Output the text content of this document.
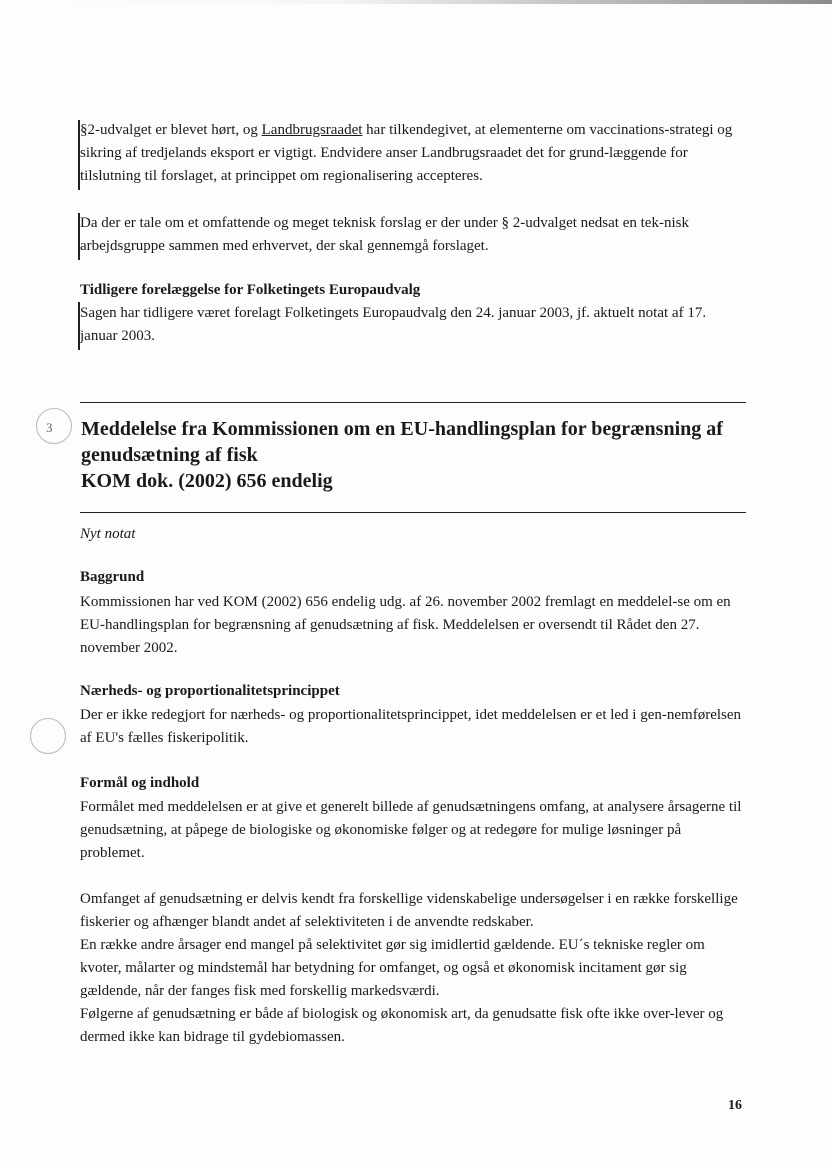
§2-udvalget er blevet hørt, og Landbrugsraadet har tilkendegivet, at elementerne om vaccinations-strategi og sikring af tredjelands eksport er vigtigt. Endvidere anser Landbrugsraadet det for grund-læggende for tilslutning til forslaget, at princippet om regionalisering accepteres.

Da der er tale om et omfattende og meget teknisk forslag er der under § 2-udvalget nedsat en tek-nisk arbejdsgruppe sammen med erhvervet, der skal gennemgå forslaget.

Tidligere forelæggelse for Folketingets Europaudvalg

Sagen har tidligere været forelagt Folketingets Europaudvalg den 24. januar 2003, jf. aktuelt notat af 17. januar 2003.

3 Meddelelse fra Kommissionen om en EU-handlingsplan for begrænsning af
genudsætning af fisk
KOM dok. (2002) 656 endelig

Nyt notat

Baggrund

Kommissionen har ved KOM (2002) 656 endelig udg. af 26. november 2002 fremlagt en meddelel-se om en EU-handlingsplan for begrænsning af genudsætning af fisk. Meddelelsen er oversendt til Rådet den 27. november 2002.

Nærheds- og proportionalitetsprincippet

Der er ikke redegjort for nærheds- og proportionalitetsprincippet, idet meddelelsen er et led i gen-nemførelsen af EU's fælles fiskeripolitik.

Formål og indhold

Formålet med meddelelsen er at give et generelt billede af genudsætningens omfang, at analysere årsagerne til genudsætning, at påpege de biologiske og økonomiske følger og at redegøre for mulige løsninger på problemet.

Omfanget af genudsætning er delvis kendt fra forskellige videnskabelige undersøgelser i en række forskellige fiskerier og afhænger blandt andet af selektiviteten i de anvendte redskaber.
En række andre årsager end mangel på selektivitet gør sig imidlertid gældende. EU´s tekniske regler om kvoter, målarter og mindstemål har betydning for omfanget, og også et økonomisk incitament gør sig gældende, når der fanges fisk med forskellig markedsværdi.
Følgerne af genudsætning er både af biologisk og økonomisk art, da genudsatte fisk ofte ikke over-lever og dermed ikke kan bidrage til gydebiomassen.

16
